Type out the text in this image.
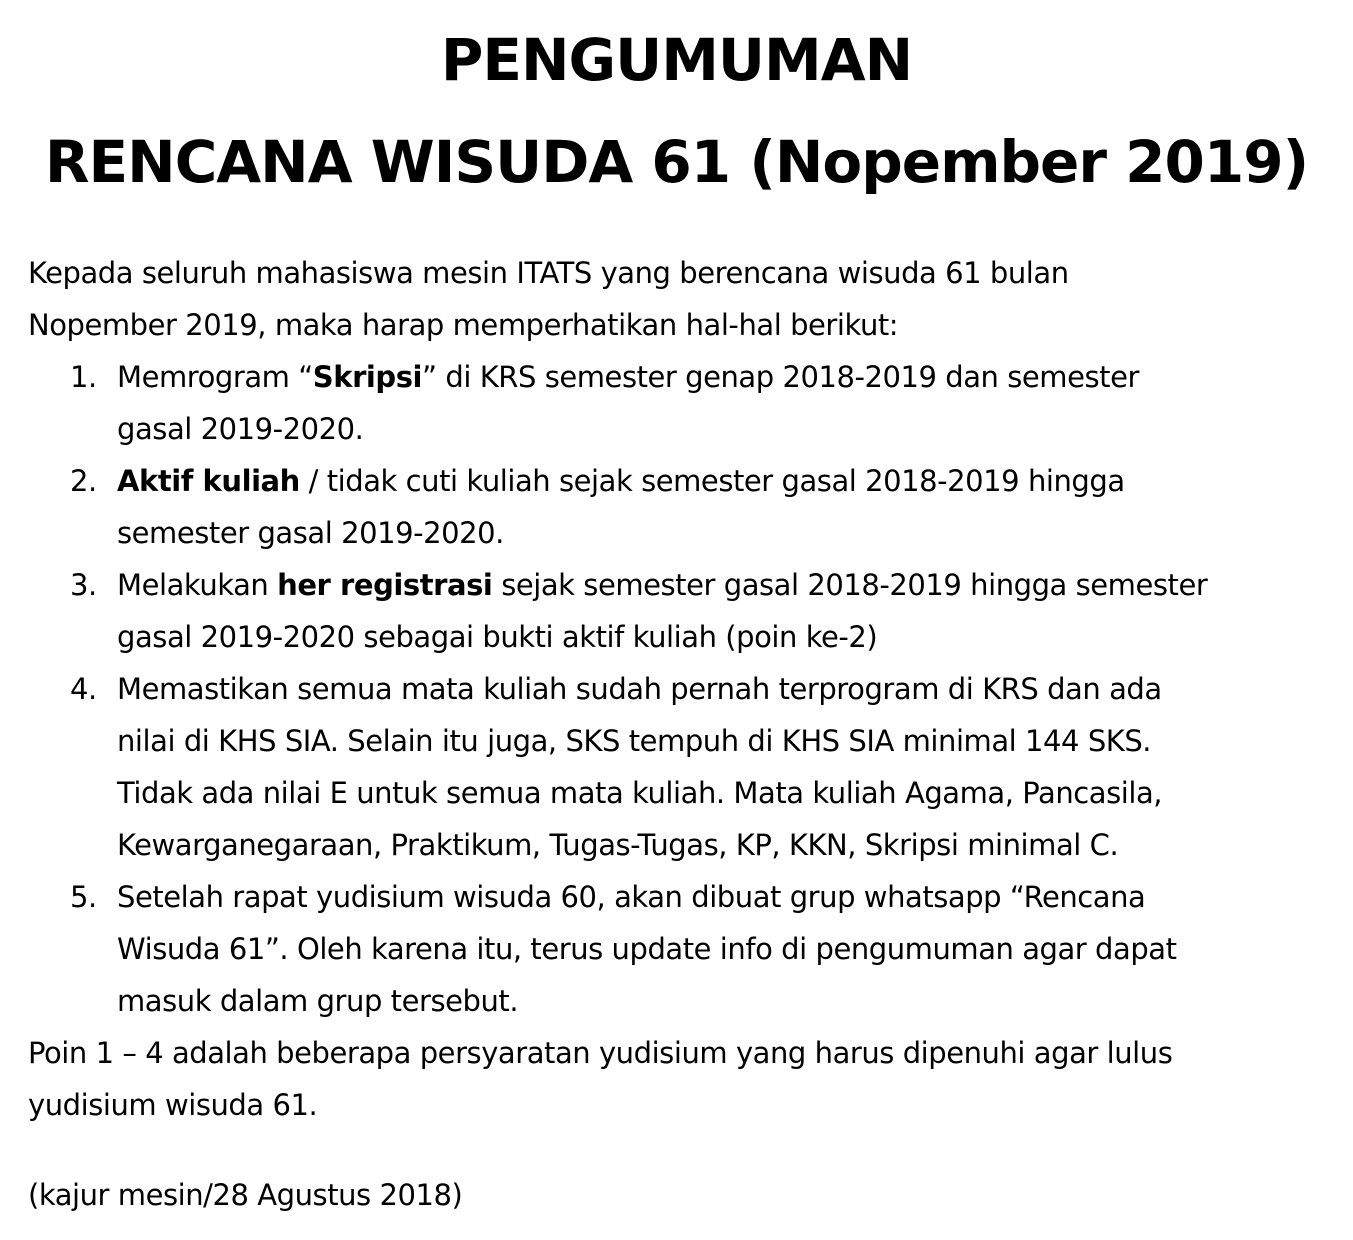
PENGUMUMAN
RENCANA WISUDA 61 (Nopember 2019)
Kepada seluruh mahasiswa mesin ITATS yang berencana wisuda 61 bulan
Nopember 2019, maka harap memperhatikan hal-hal berikut:
1. Memrogram “Skripsi” di KRS semester genap 2018-2019 dan semester
gasal 2019-2020.
2. Aktif kuliah / tidak cuti kuliah sejak semester gasal 2018-2019 hingga
semester gasal 2019-2020.
3. Melakukan her registrasi sejak semester gasal 2018-2019 hingga semester
gasal 2019-2020 sebagai bukti aktif kuliah (poin ke-2)
4. Memastikan semua mata kuliah sudah pernah terprogram di KRS dan ada
nilai di KHS SIA. Selain itu juga, SKS tempuh di KHS SIA minimal 144 SKS.
Tidak ada nilai E untuk semua mata kuliah. Mata kuliah Agama, Pancasila,
Kewarganegaraan, Praktikum, Tugas-Tugas, KP, KKN, Skripsi minimal C.
5. Setelah rapat yudisium wisuda 60, akan dibuat grup whatsapp “Rencana
Wisuda 61”. Oleh karena itu, terus update info di pengumuman agar dapat
masuk dalam grup tersebut.
Poin 1 – 4 adalah beberapa persyaratan yudisium yang harus dipenuhi agar lulus
yudisium wisuda 61.
(kajur mesin/28 Agustus 2018)
